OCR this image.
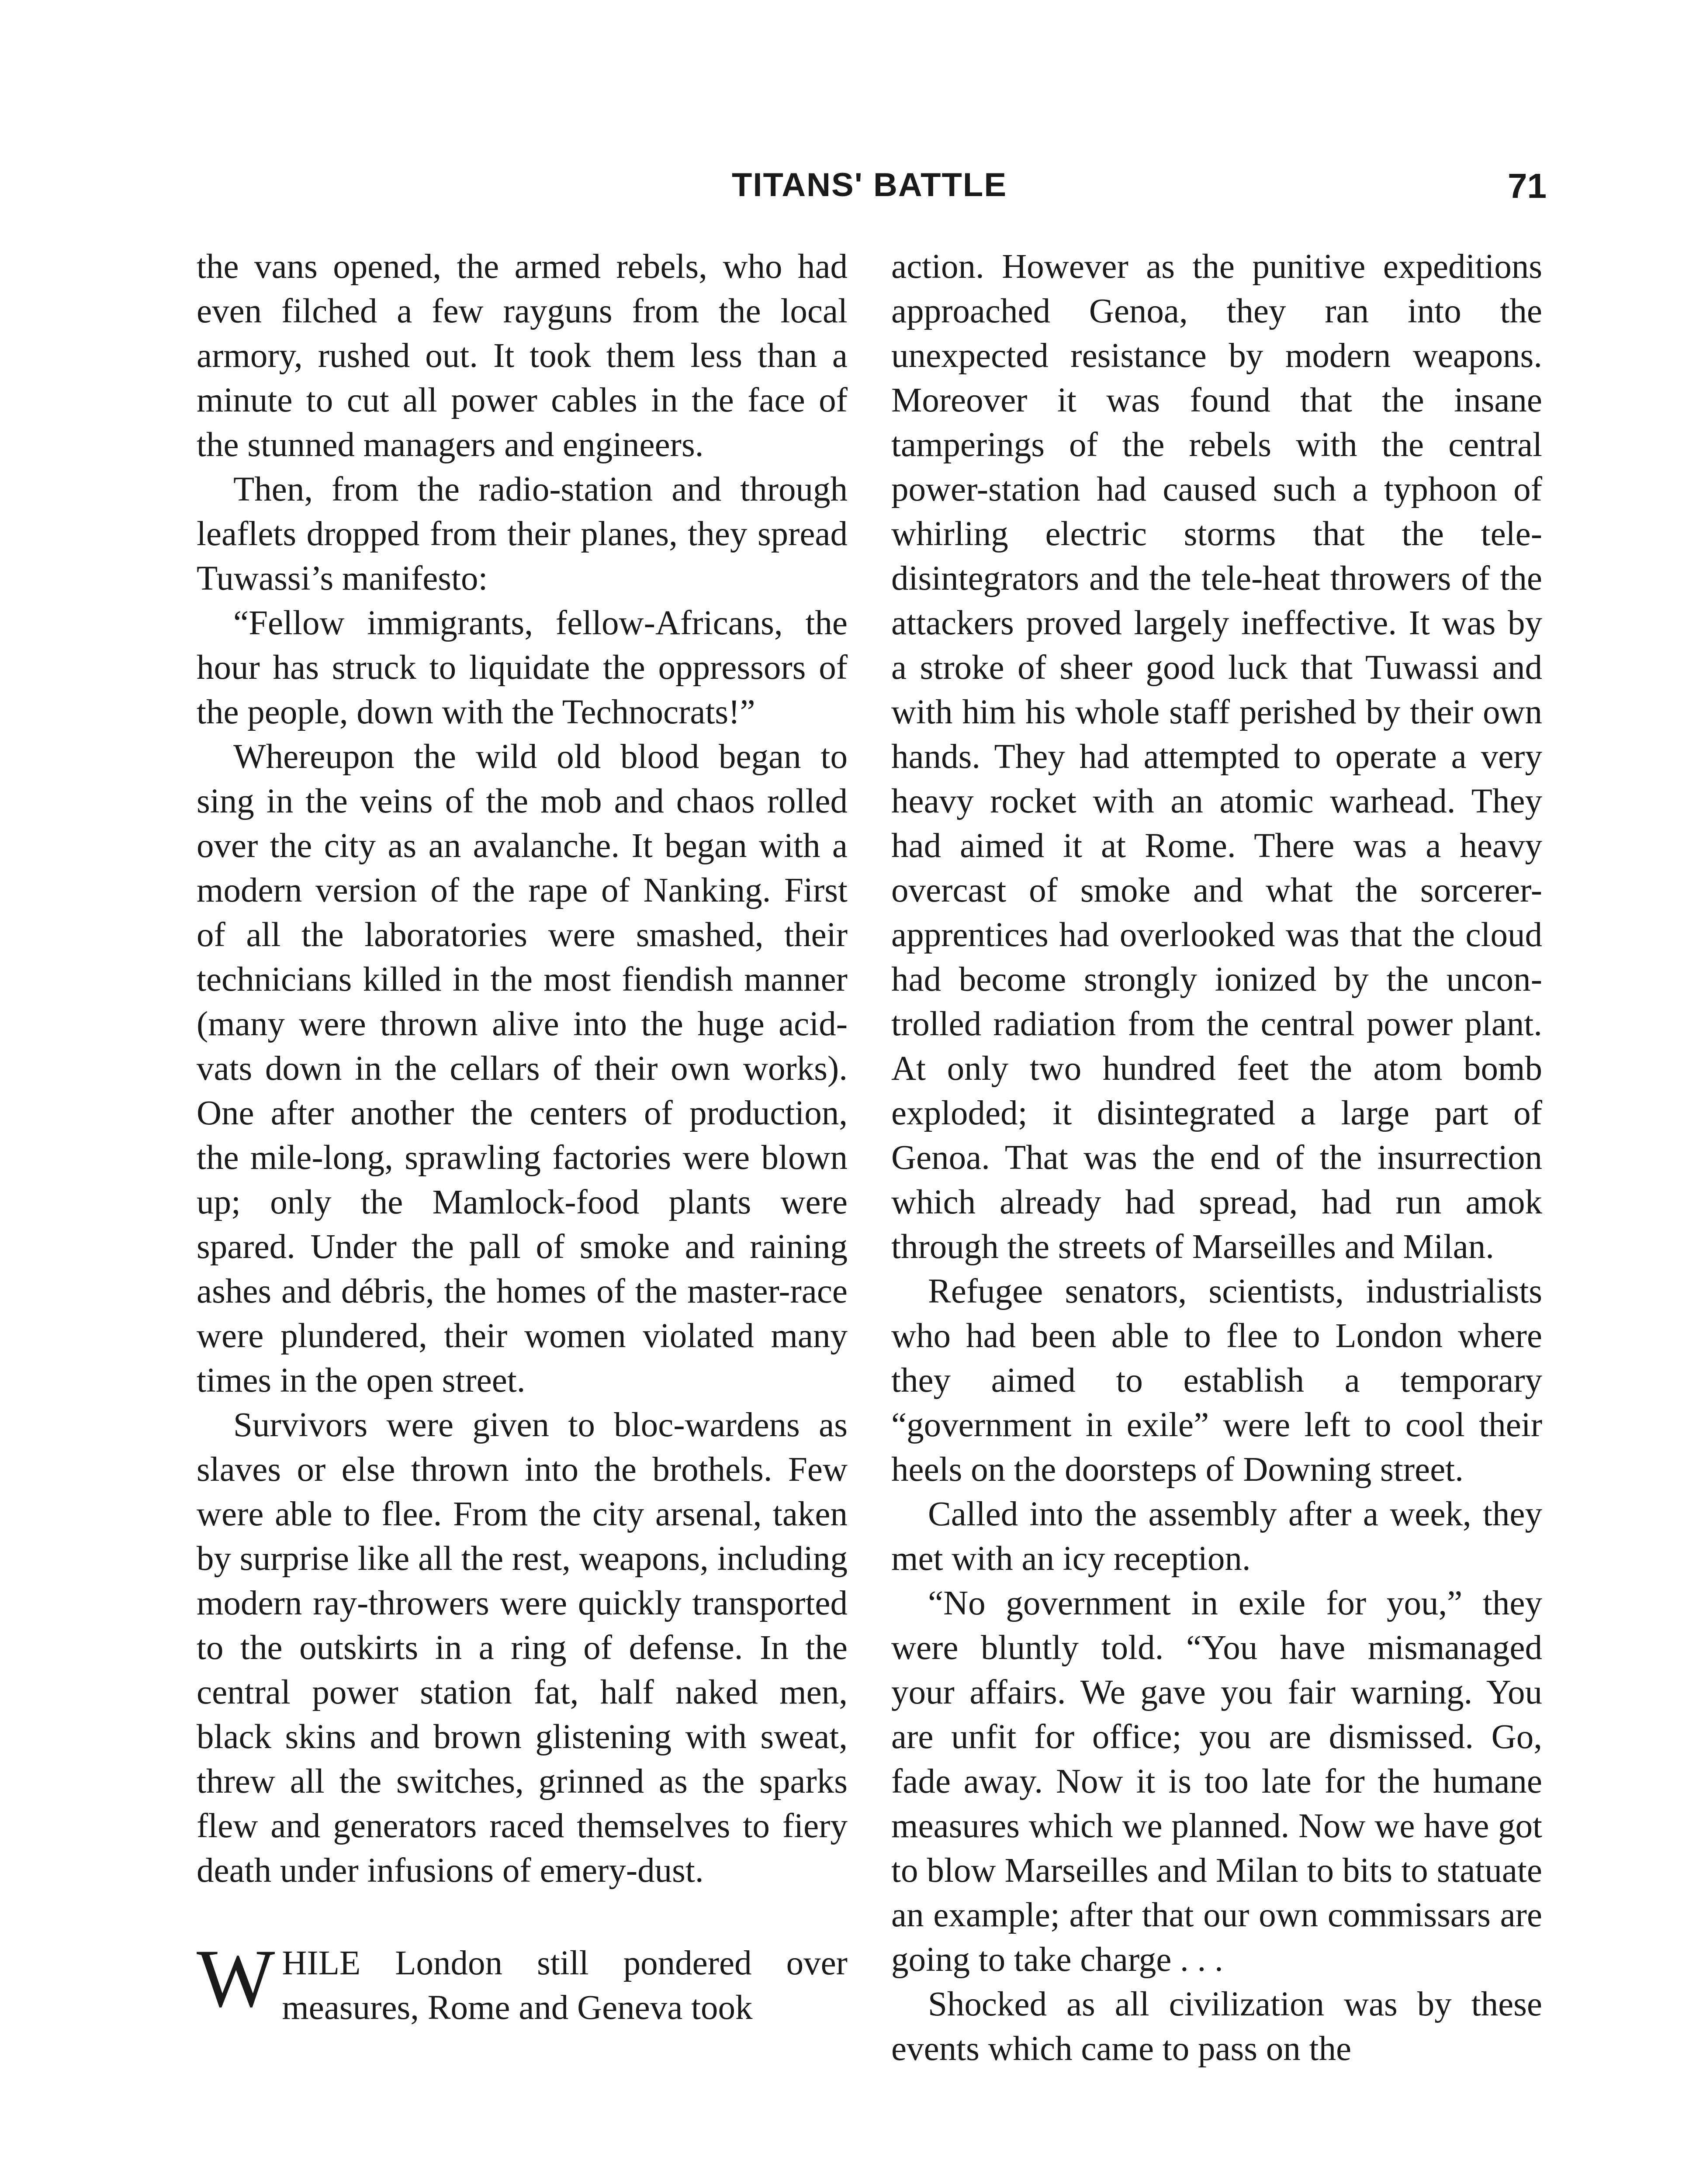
TITANS' BATTLE	71

the vans opened, the armed rebels, who had even filched a few rayguns from the local armory, rushed out. It took them less than a minute to cut all power cables in the face of the stunned managers and engineers.

Then, from the radio-station and through leaflets dropped from their planes, they spread Tuwassi’s manifesto:

“Fellow immigrants, fellow-Africans, the hour has struck to liquidate the oppressors of the people, down with the Technocrats!”

Whereupon the wild old blood began to sing in the veins of the mob and chaos rolled over the city as an avalanche. It began with a modern version of the rape of Nanking. First of all the laboratories were smashed, their technicians killed in the most fiendish manner (many were thrown alive into the huge acid-vats down in the cellars of their own works). One after another the centers of production, the mile-long, sprawling factories were blown up; only the Mamlock-food plants were spared. Under the pall of smoke and raining ashes and débris, the homes of the master-race were plundered, their women violated many times in the open street.

Survivors were given to bloc-wardens as slaves or else thrown into the brothels. Few were able to flee. From the city arsenal, taken by surprise like all the rest, weapons, including modern ray-throwers were quickly transported to the outskirts in a ring of defense. In the central power station fat, half naked men, black skins and brown glistening with sweat, threw all the switches, grinned as the sparks flew and generators raced themselves to fiery death under infusions of emery-dust.

WHILE London still pondered over measures, Rome and Geneva took

action. However as the punitive expeditions approached Genoa, they ran into the unexpected resistance by modern weapons. Moreover it was found that the insane tamperings of the rebels with the central power-station had caused such a typhoon of whirling electric storms that the teledisintegrators and the tele-heat throwers of the attackers proved largely ineffective. It was by a stroke of sheer good luck that Tuwassi and with him his whole staff perished by their own hands. They had attempted to operate a very heavy rocket with an atomic warhead. They had aimed it at Rome. There was a heavy overcast of smoke and what the sorcerer-apprentices had overlooked was that the cloud had become strongly ionized by the uncontrolled radiation from the central power plant. At only two hundred feet the atom bomb exploded; it disintegrated a large part of Genoa. That was the end of the insurrection which already had spread, had run amok through the streets of Marseilles and Milan.

Refugee senators, scientists, industrialists who had been able to flee to London where they aimed to establish a temporary “government in exile” were left to cool their heels on the doorsteps of Downing street.

Called into the assembly after a week, they met with an icy reception.

“No government in exile for you,” they were bluntly told. “You have mismanaged your affairs. We gave you fair warning. You are unfit for office; you are dismissed. Go, fade away. Now it is too late for the humane measures which we planned. Now we have got to blow Marseilles and Milan to bits to statuate an example; after that our own commissars are going to take charge . . .

Shocked as all civilization was by these events which came to pass on the
